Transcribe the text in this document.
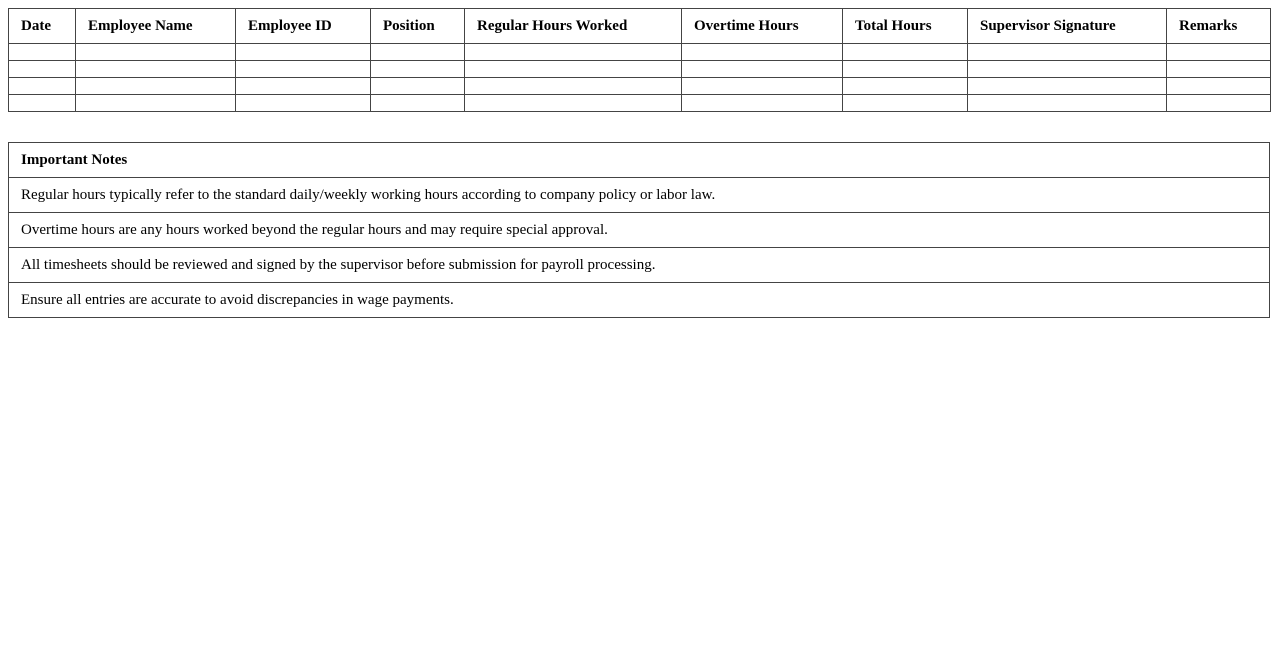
Date	Employee Name	Employee ID	Position	Regular Hours Worked	Overtime Hours	Total Hours	Supervisor Signature	Remarks

Important Notes
Regular hours typically refer to the standard daily/weekly working hours according to company policy or labor law.
Overtime hours are any hours worked beyond the regular hours and may require special approval.
All timesheets should be reviewed and signed by the supervisor before submission for payroll processing.
Ensure all entries are accurate to avoid discrepancies in wage payments.
